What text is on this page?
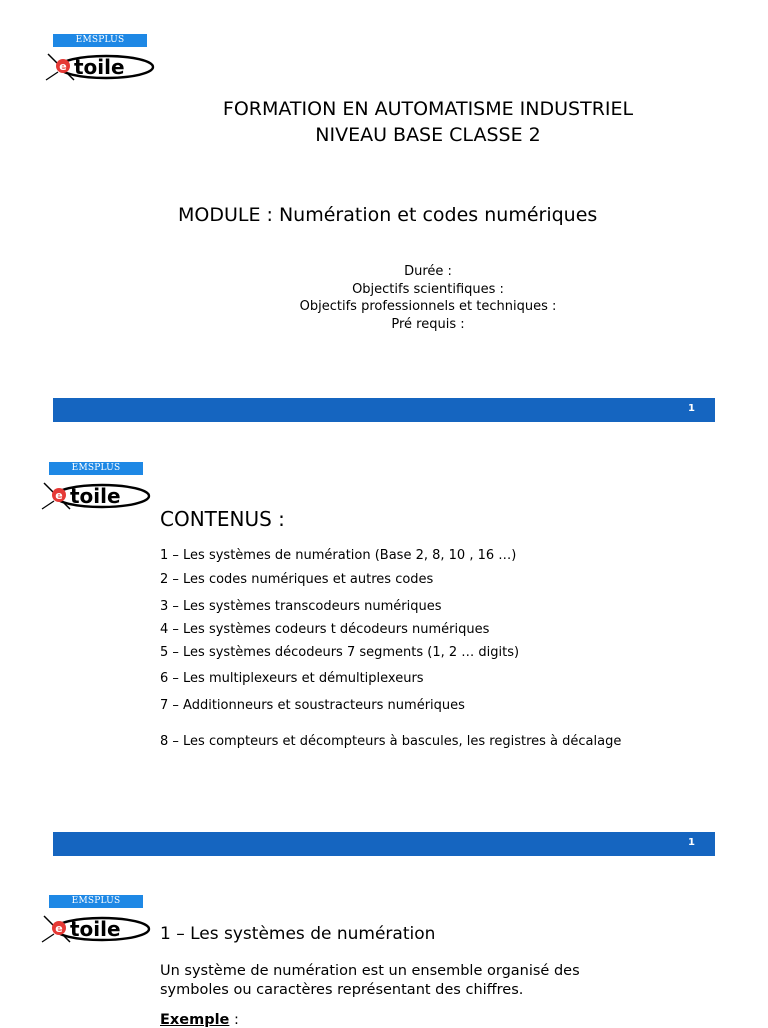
EMSPLUS
e toile
FORMATION EN AUTOMATISME INDUSTRIEL
NIVEAU BASE CLASSE 2
MODULE : Numération et codes numériques
Durée :
Objectifs scientifiques :
Objectifs professionnels et techniques :
Pré requis :
1
EMSPLUS
e toile
CONTENUS :
1 – Les systèmes de numération (Base 2, 8, 10 , 16 …)
2 – Les codes numériques et autres codes
3 – Les systèmes transcodeurs numériques
4 – Les systèmes codeurs t décodeurs numériques
5 – Les systèmes décodeurs 7 segments (1, 2 … digits)
6 – Les multiplexeurs et démultiplexeurs
7 – Additionneurs et soustracteurs numériques
8 – Les compteurs et décompteurs à bascules, les registres à décalage
1
EMSPLUS
e toile 1 – Les systèmes de numération
Un système de numération est un ensemble organisé des
symboles ou caractères représentant des chiffres.
Exemple :
